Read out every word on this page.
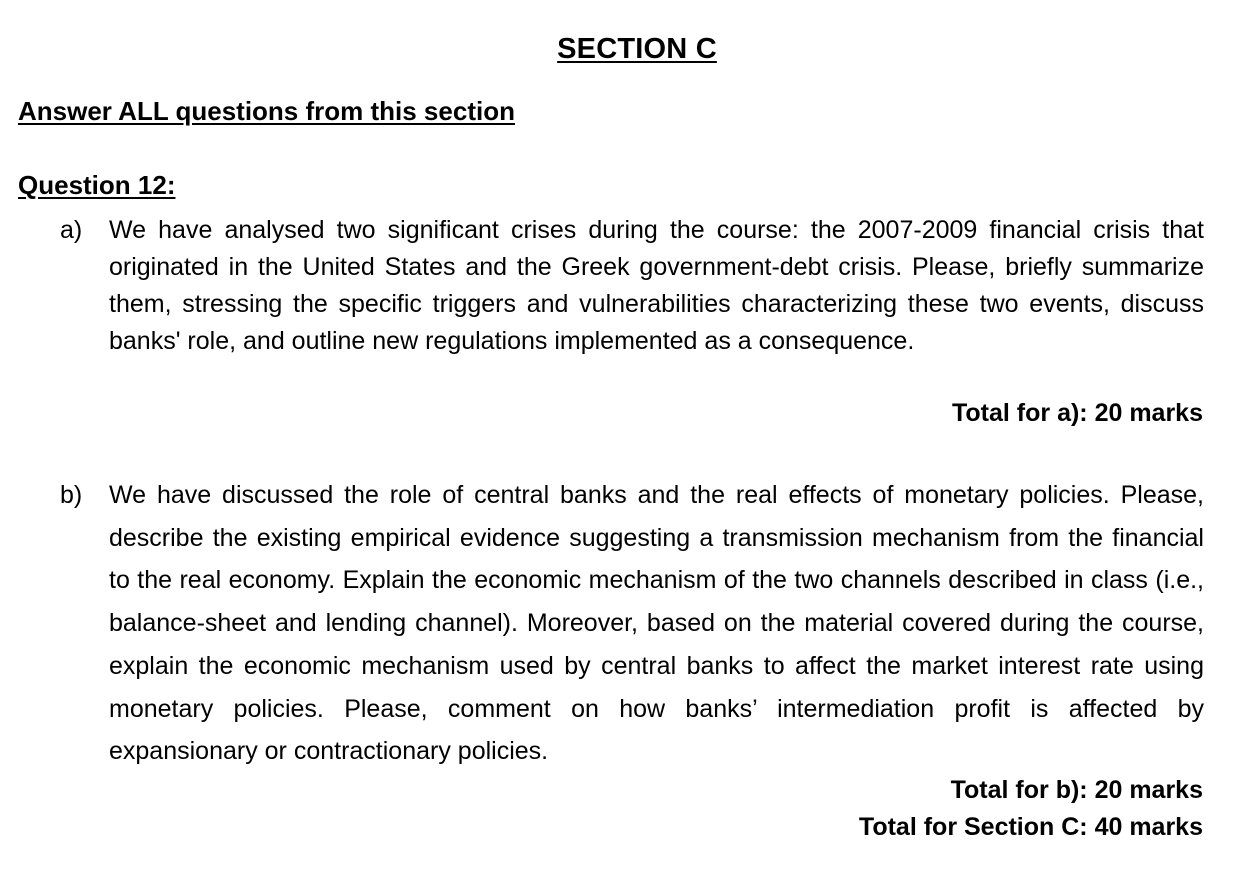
SECTION C
Answer ALL questions from this section
Question 12:
a) We have analysed two significant crises during the course: the 2007-2009 financial crisis that originated in the United States and the Greek government-debt crisis. Please, briefly summarize them, stressing the specific triggers and vulnerabilities characterizing these two events, discuss banks' role, and outline new regulations implemented as a consequence.
Total for a): 20 marks
b) We have discussed the role of central banks and the real effects of monetary policies. Please, describe the existing empirical evidence suggesting a transmission mechanism from the financial to the real economy. Explain the economic mechanism of the two channels described in class (i.e., balance-sheet and lending channel). Moreover, based on the material covered during the course, explain the economic mechanism used by central banks to affect the market interest rate using monetary policies. Please, comment on how banks’ intermediation profit is affected by expansionary or contractionary policies.
Total for b): 20 marks
Total for Section C: 40 marks
